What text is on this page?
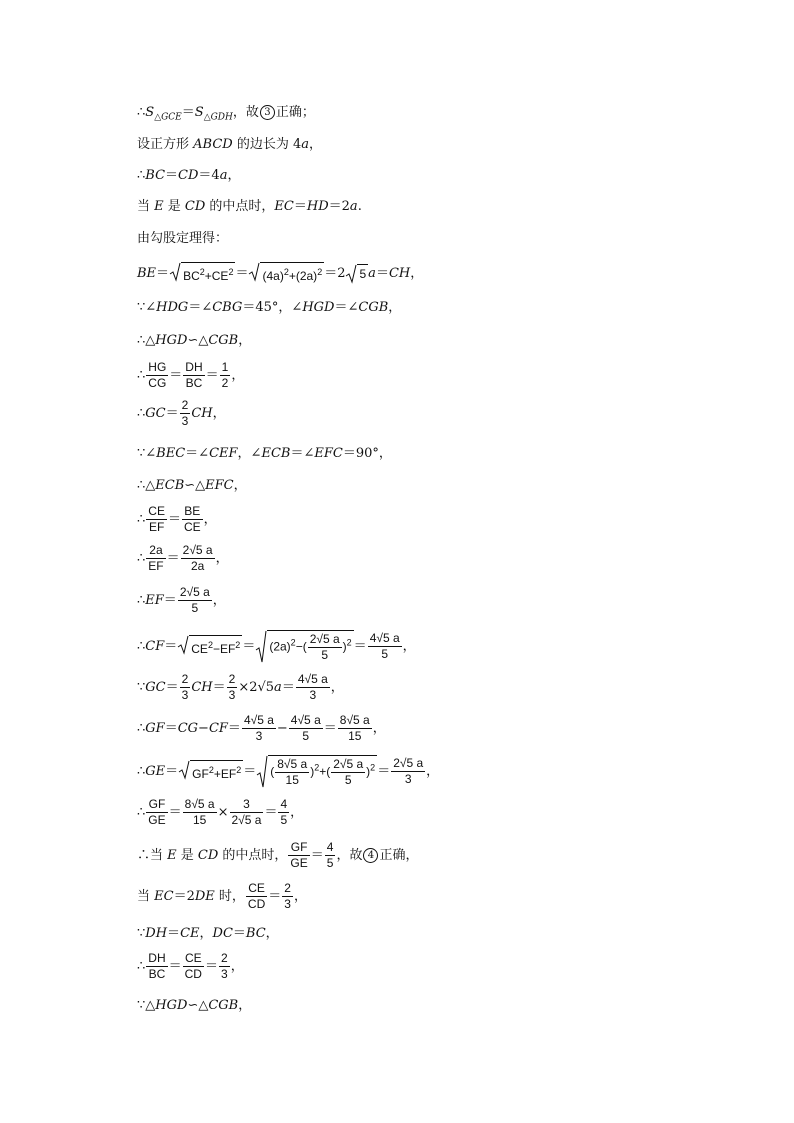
$\therefore S_{\triangle GCE}=S_{\triangle GDH}$，故 3 正确；
设正方形 ABCD 的边长为 4a，
∴BC＝CD＝4a，
当 E 是 CD 的中点时，EC＝HD＝2a.
由勾股定理得：
$BE= BC^2+CE^2 = (4a)^2+(2a)^2 =2$ 5 a＝CH，
∵∠HDG＝∠CBG＝45°，∠HGD＝∠CGB，
∴△HGD∽△CGB，
∴ $\frac{HG}{CG} = \frac{DH}{BC} = \frac{1}{2}$ ，
∴GC＝ $\frac{2}{3}$ CH，
∵∠BEC＝∠CEF，∠ECB＝∠EFC＝90°，
∴△ECB∽△EFC，
∴ $\frac{CE}{EF} = \frac{BE}{CE}$ ，
∴ $\frac{2a}{EF} = \frac{2√5 a}{2a}$ ，
∴EF＝ $\frac{2√5 a}{5}$ ，
∴CF＝ $CE^2-EF^2 = (2a)^2-( \frac{2√5 a}{5} )^2 = \frac{4√5 a}{5}$ ，
∵GC＝ $\frac{2}{3} CH= \frac{2}{3} \times 2√5a= \frac{4√5 a}{3}$ ，
∴GF＝CG−CF＝ $\frac{4√5 a}{3} - \frac{4√5 a}{5} = \frac{8√5 a}{15}$ ，
∴GE＝ $GF^2+EF^2$ ＝ ( $\frac{8√5 a}{15} )^2+( \frac{2√5 a}{5} )^2 = \frac{2√5 a}{3}$ ，
∴ $\frac{GF}{GE} = \frac{8√5 a}{15} \times \frac{3}{2√5 a} = \frac{4}{5}$ ，
∴当 E 是 CD 的中点时， $\frac{GF}{GE} = \frac{4}{5}$ ，故 4 正确，
当 EC＝2DE 时， $\frac{CE}{CD} = \frac{2}{3}$ ，
∵DH＝CE，DC＝BC，
∴ $\frac{DH}{BC} = \frac{CE}{CD} = \frac{2}{3}$ ，
∵△HGD∽△CGB，
